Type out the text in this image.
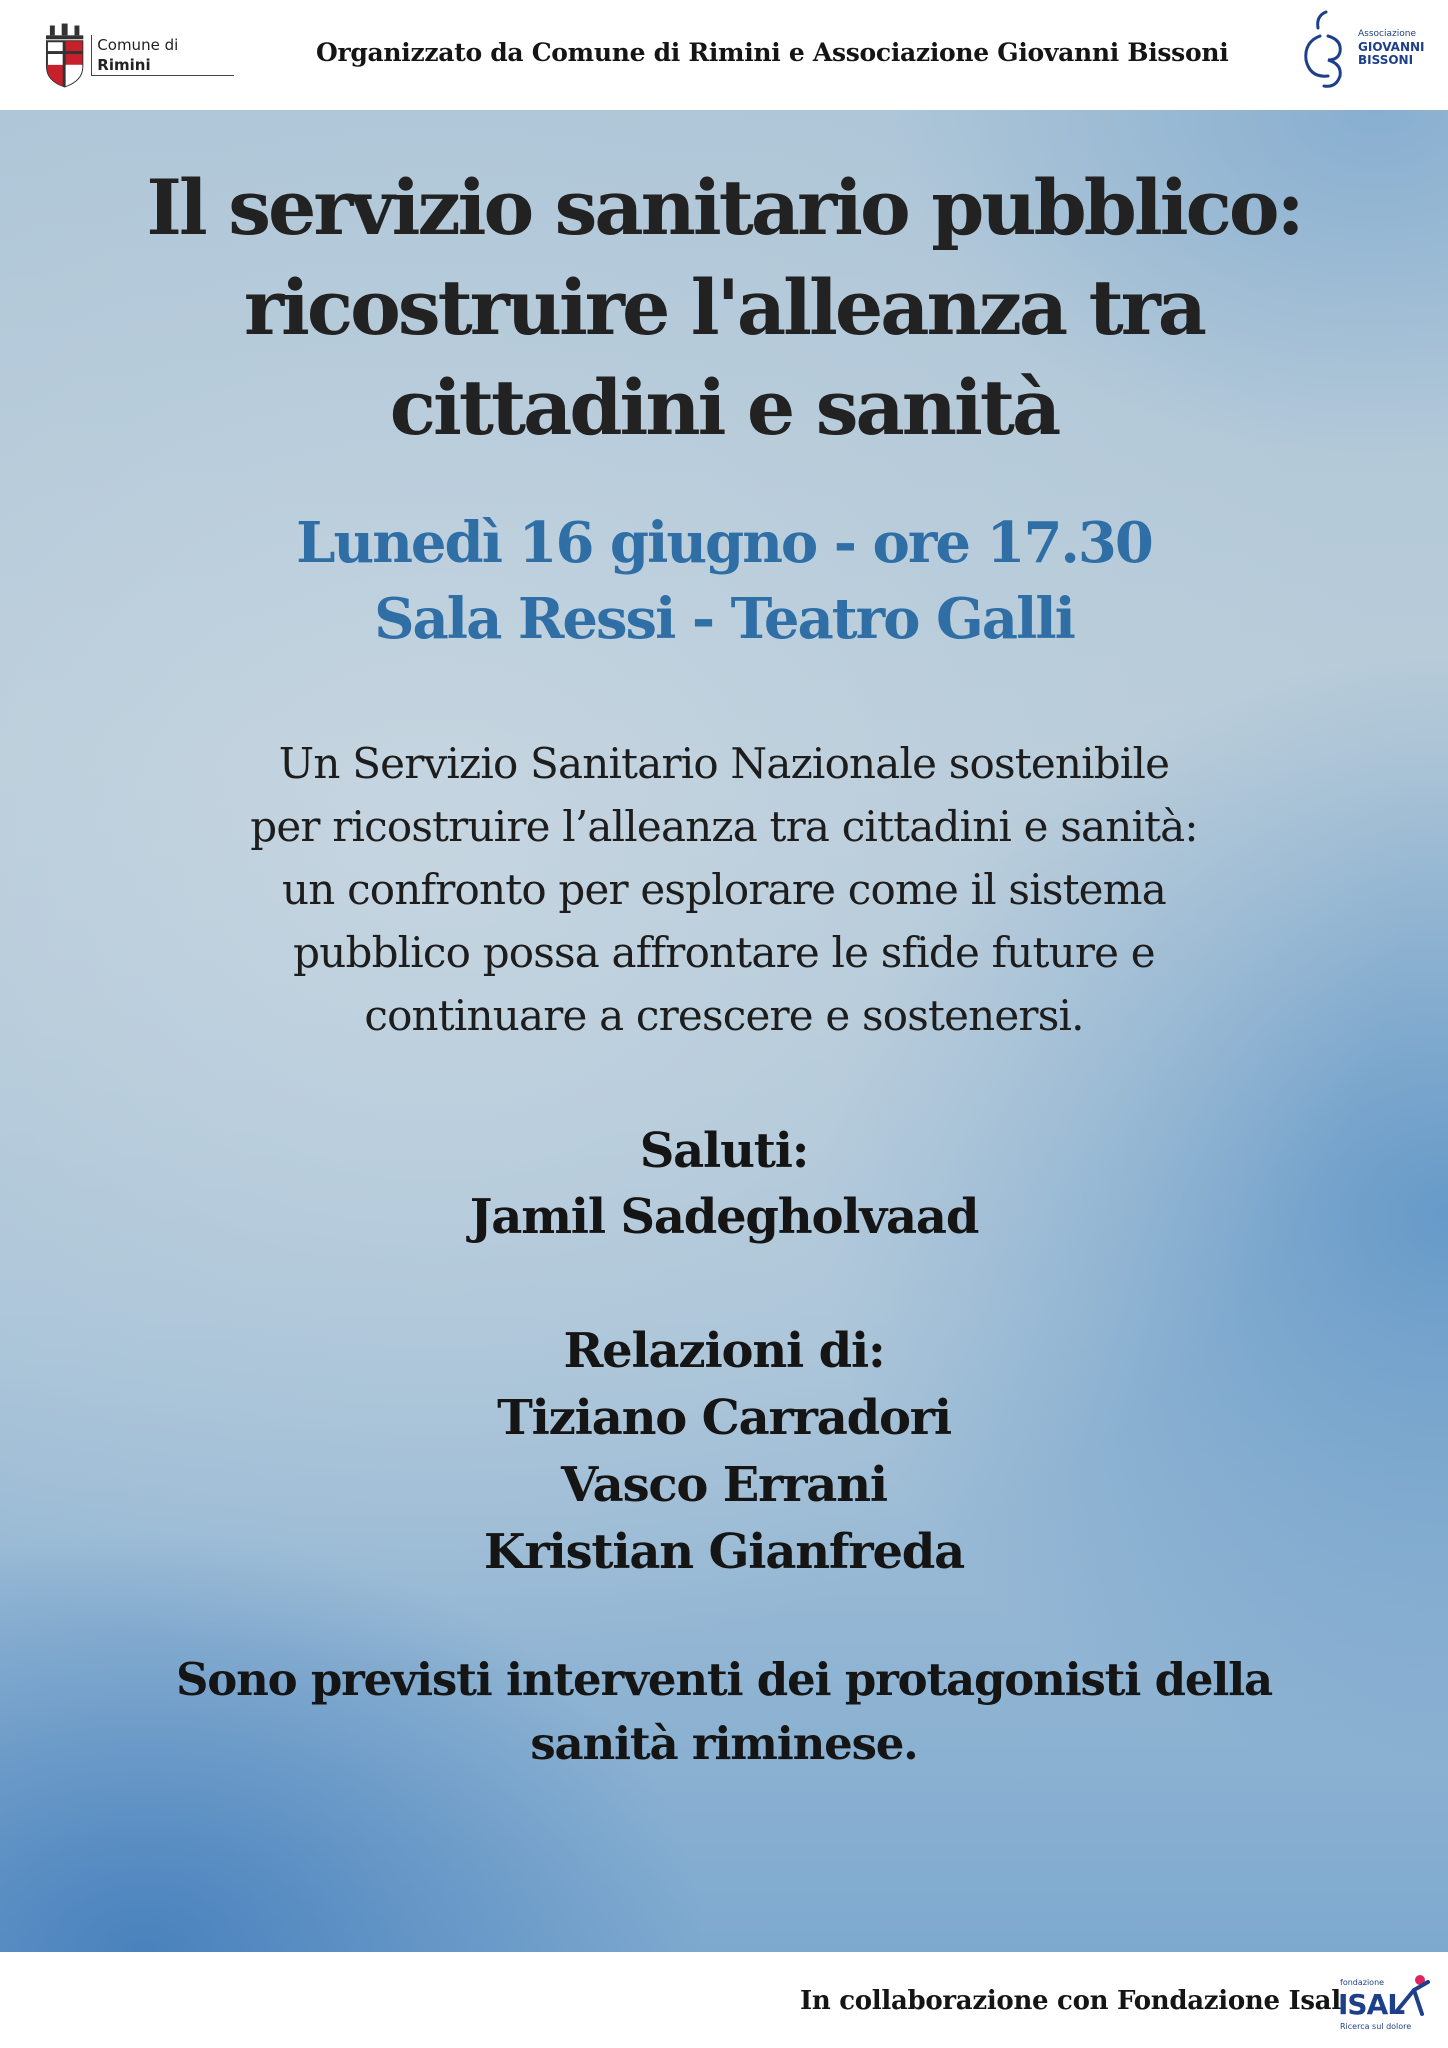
Comune di Rimini	Organizzato da Comune di Rimini e Associazione Giovanni Bissoni
Associazione
GIOVANNI
BISSONI
Il servizio sanitario pubblico:
ricostruire l'alleanza tra
cittadini e sanità
Lunedì 16 giugno - ore 17.30
Sala Ressi - Teatro Galli
Un Servizio Sanitario Nazionale sostenibile
per ricostruire l’alleanza tra cittadini e sanità:
un confronto per esplorare come il sistema
pubblico possa affrontare le sfide future e
continuare a crescere e sostenersi.
Saluti:
Jamil Sadegholvaad
Relazioni di:
Tiziano Carradori
Vasco Errani
Kristian Gianfreda
Sono previsti interventi dei protagonisti della
sanità riminese.
In collaborazione con Fondazione Isal
fondazione
ISAL
Ricerca sul dolore
